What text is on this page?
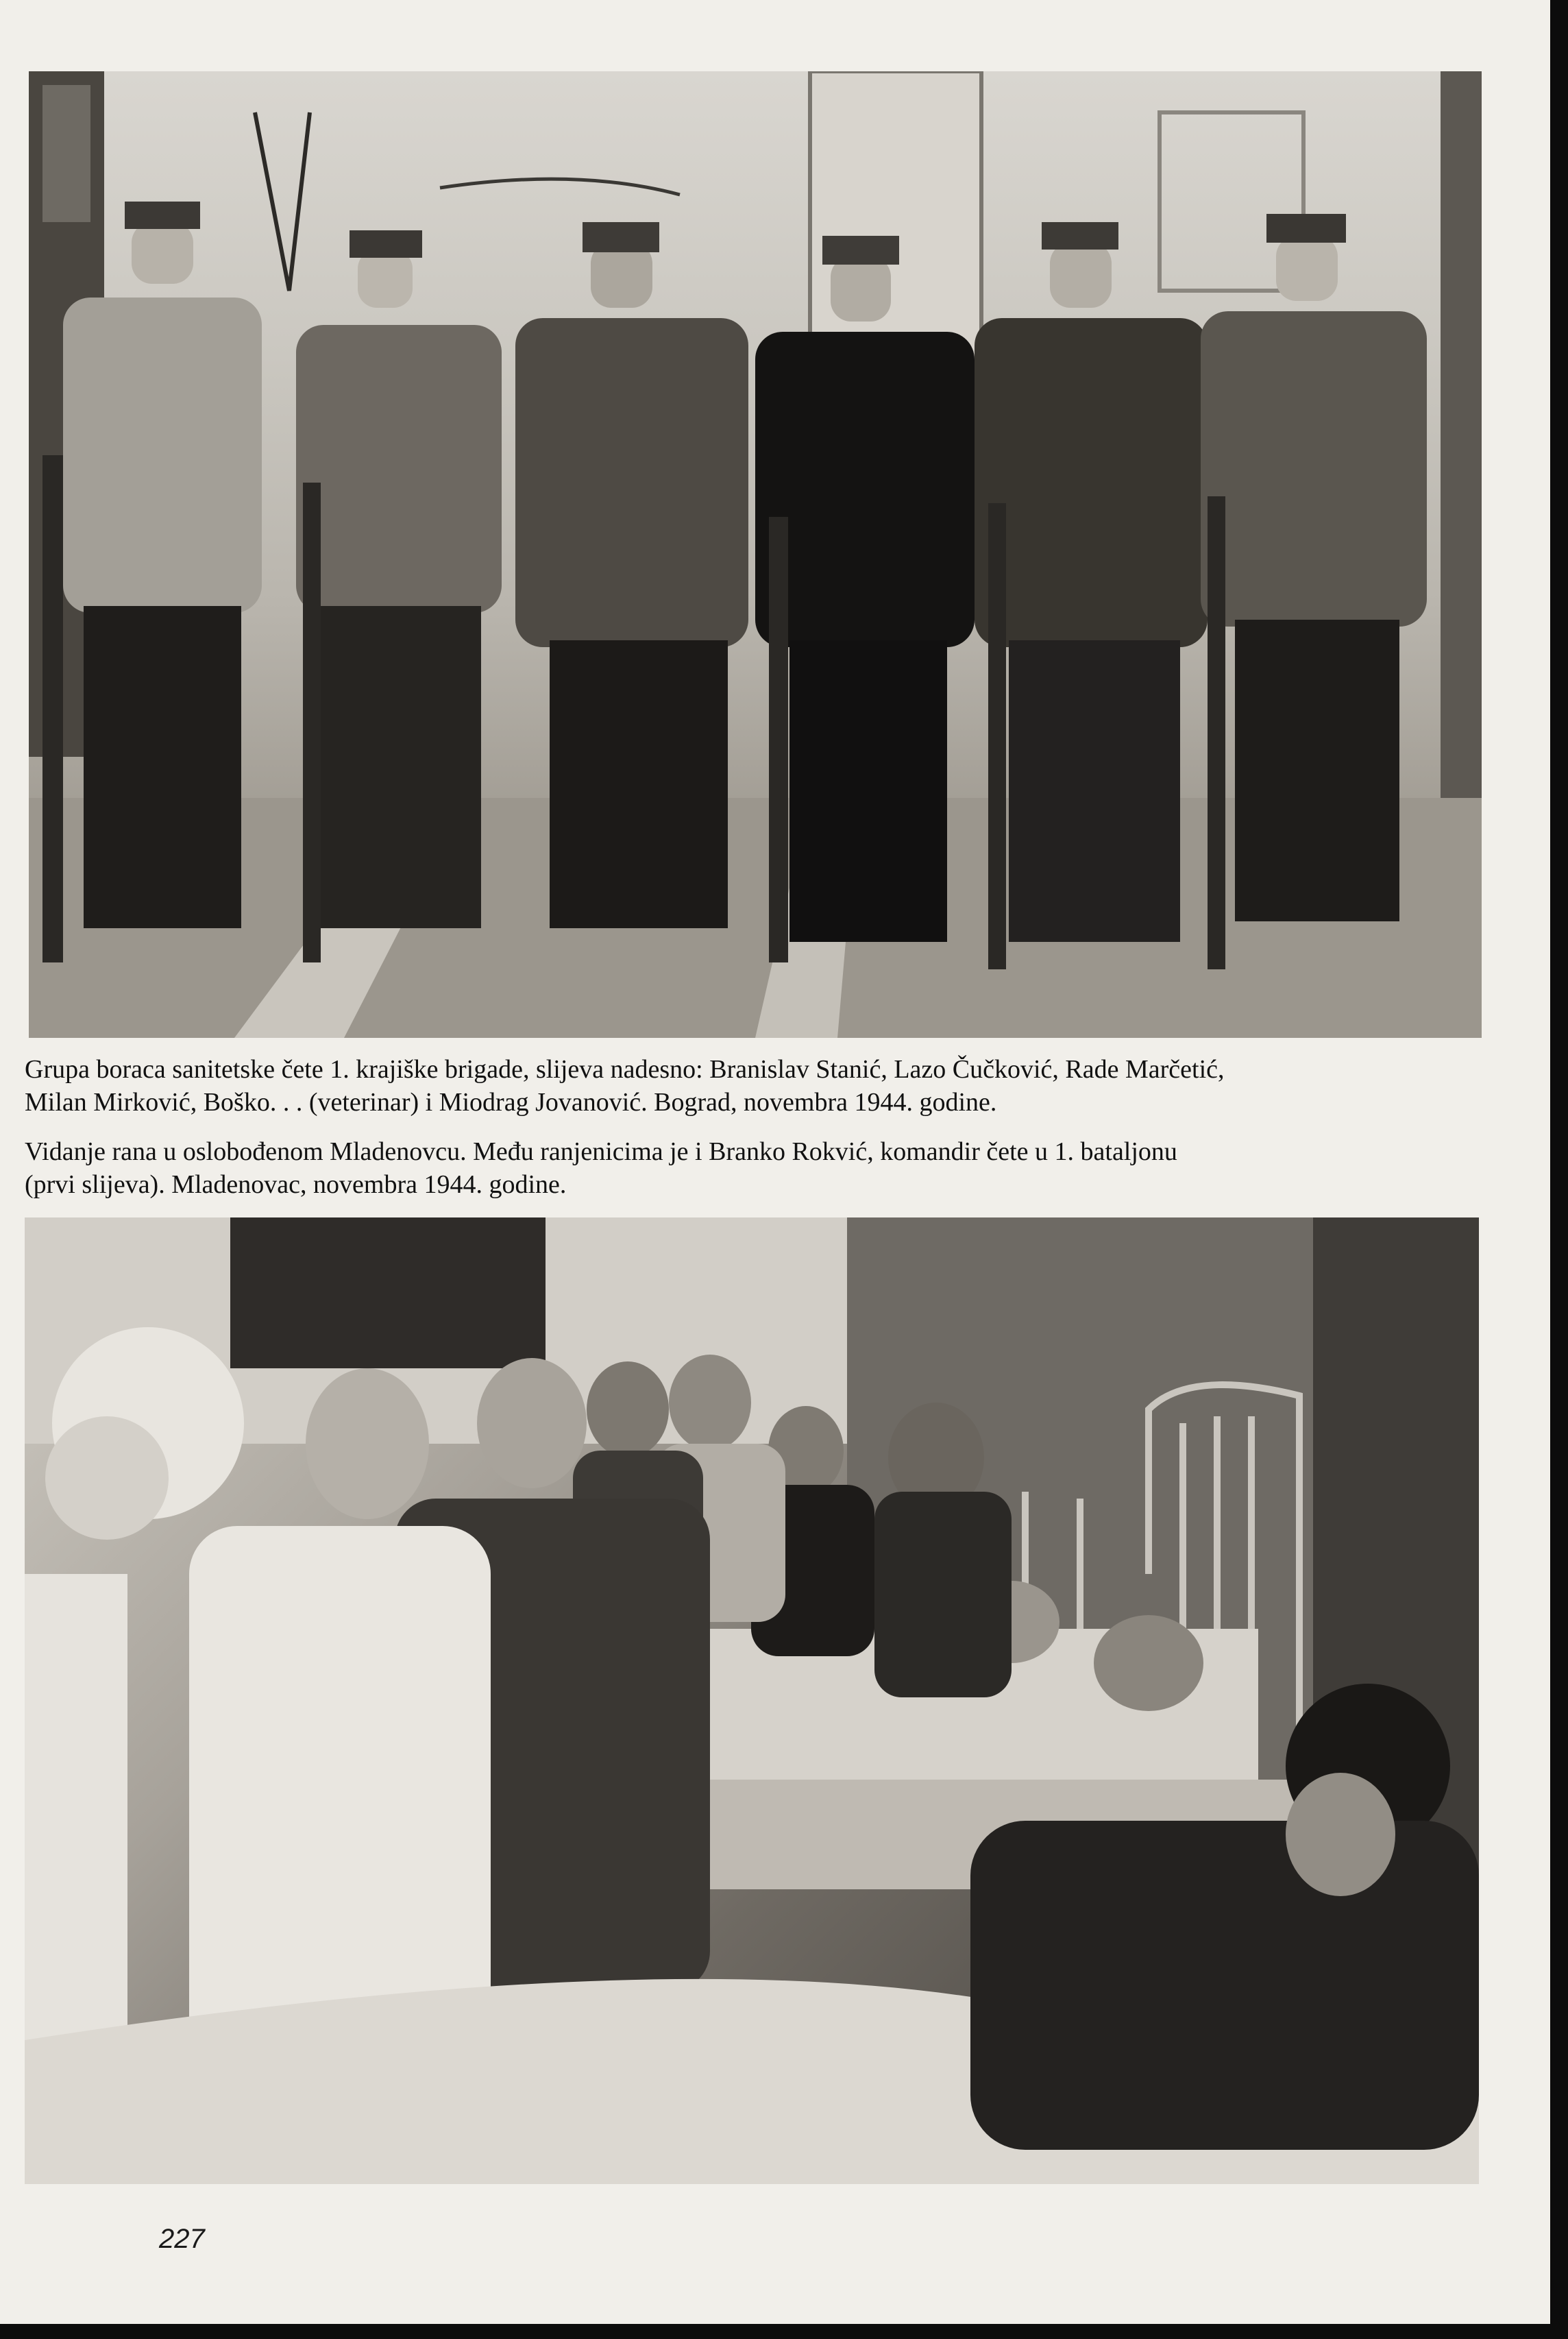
Grupa boraca sanitetske čete 1. krajiške brigade, slijeva nadesno: Branislav Stanić, Lazo Čučković, Rade Marčetić,
Milan Mirković, Boško. . . (veterinar) i Miodrag Jovanović. Bograd, novembra 1944. godine.

Vidanje rana u oslobođenom Mladenovcu. Među ranjenicima je i Branko Rokvić, komandir čete u 1. bataljonu
(prvi slijeva). Mladenovac, novembra 1944. godine.

227
